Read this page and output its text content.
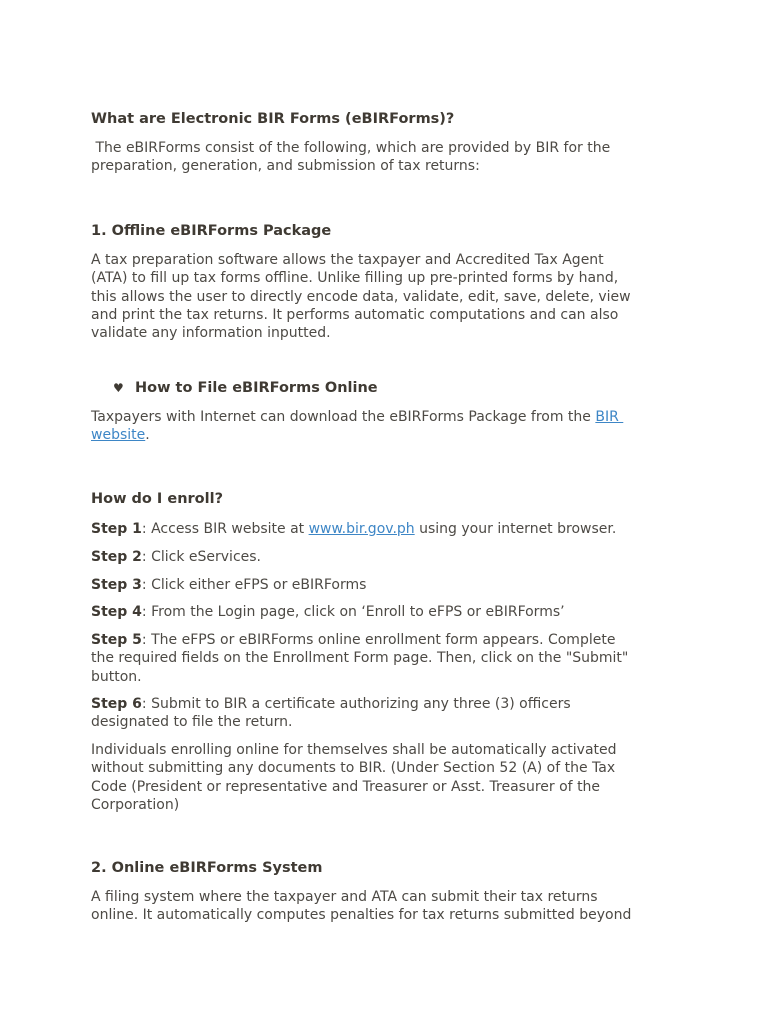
What are Electronic BIR Forms (eBIRForms)?
The eBIRForms consist of the following, which are provided by BIR for the
preparation, generation, and submission of tax returns:
1. Offline eBIRForms Package
A tax preparation software allows the taxpayer and Accredited Tax Agent
(ATA) to fill up tax forms offline. Unlike filling up pre-printed forms by hand,
this allows the user to directly encode data, validate, edit, save, delete, view
and print the tax returns. It performs automatic computations and can also
validate any information inputted.
♥ How to File eBIRForms Online
Taxpayers with Internet can download the eBIRForms Package from the BIR
website.
How do I enroll?
Step 1: Access BIR website at www.bir.gov.ph using your internet browser.
Step 2: Click eServices.
Step 3: Click either eFPS or eBIRForms
Step 4: From the Login page, click on ‘Enroll to eFPS or eBIRForms’
Step 5: The eFPS or eBIRForms online enrollment form appears. Complete
the required fields on the Enrollment Form page. Then, click on the "Submit"
button.
Step 6: Submit to BIR a certificate authorizing any three (3) officers
designated to file the return.
Individuals enrolling online for themselves shall be automatically activated
without submitting any documents to BIR. (Under Section 52 (A) of the Tax
Code (President or representative and Treasurer or Asst. Treasurer of the
Corporation)
2. Online eBIRForms System
A filing system where the taxpayer and ATA can submit their tax returns
online. It automatically computes penalties for tax returns submitted beyond
